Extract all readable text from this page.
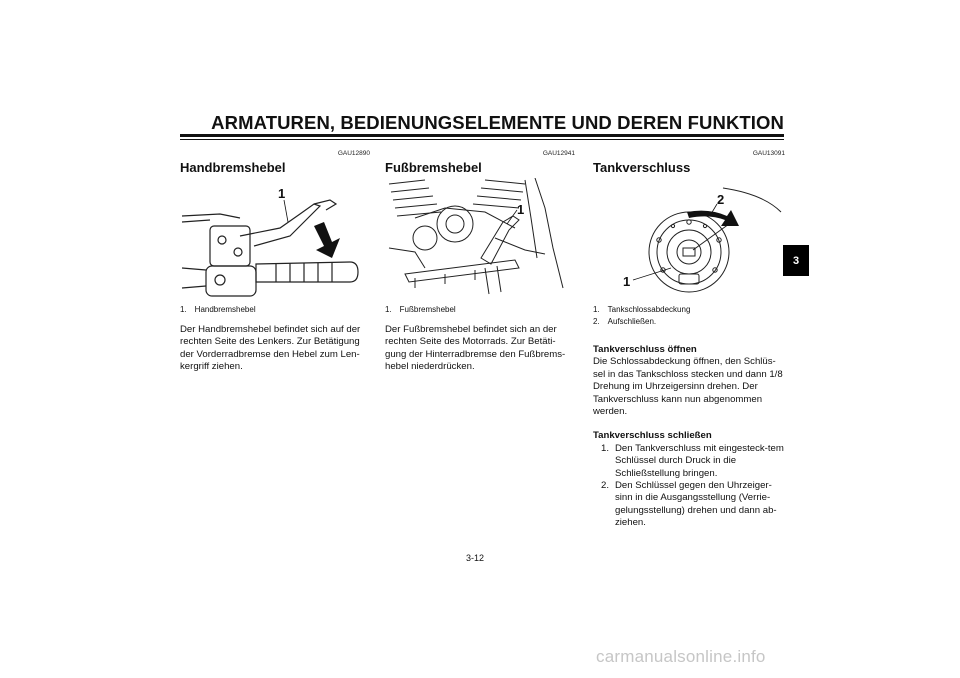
ARMATUREN, BEDIENUNGSELEMENTE UND DEREN FUNKTION
GAU12890
Handbremshebel
1
1. Handbremshebel
Der Handbremshebel befindet sich auf der rechten Seite des Lenkers. Zur Betätigung der Vorderradbremse den Hebel zum Len-kergriff ziehen.
GAU12941
Fußbremshebel
1
1. Fußbremshebel
Der Fußbremshebel befindet sich an der rechten Seite des Motorrads. Zur Betäti-gung der Hinterradbremse den Fußbrems-hebel niederdrücken.
GAU13091
Tankverschluss
2
1
1. Tankschlossabdeckung
2. Aufschließen.
Tankverschluss öffnen
Die Schlossabdeckung öffnen, den Schlüs-sel in das Tankschloss stecken und dann 1/8 Drehung im Uhrzeigersinn drehen. Der Tankverschluss kann nun abgenommen werden.
Tankverschluss schließen
1. Den Tankverschluss mit eingesteck-tem Schlüssel durch Druck in die Schließstellung bringen.
2. Den Schlüssel gegen den Uhrzeiger-sinn in die Ausgangsstellung (Verrie-gelungsstellung) drehen und dann ab-ziehen.
3
3-12
carmanualsonline.info
